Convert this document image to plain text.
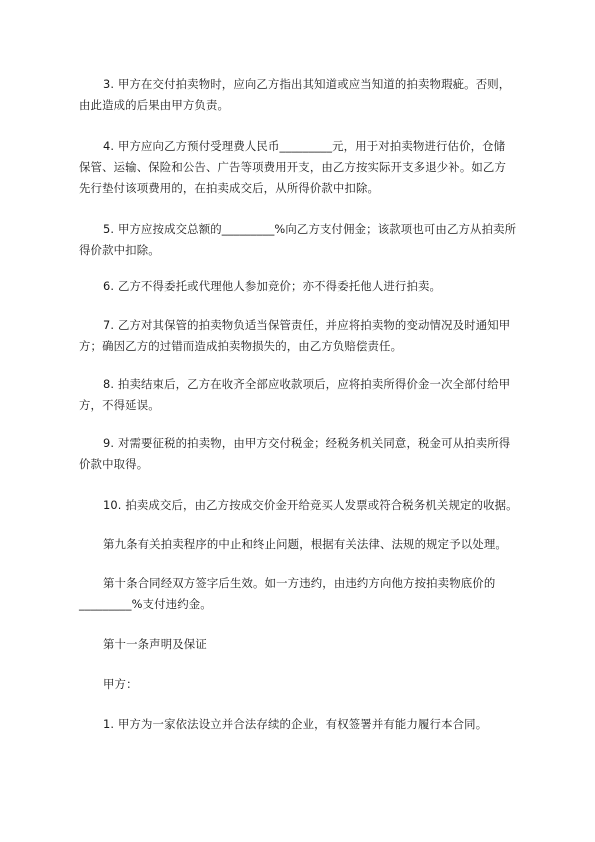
3. 甲方在交付拍卖物时，应向乙方指出其知道或应当知道的拍卖物瑕疵。否则，
由此造成的后果由甲方负责。

4. 甲方应向乙方预付受理费人民币_________元，用于对拍卖物进行估价，仓储
保管、运输、保险和公告、广告等项费用开支，由乙方按实际开支多退少补。如乙方
先行垫付该项费用的，在拍卖成交后，从所得价款中扣除。

5. 甲方应按成交总额的_________%向乙方支付佣金；该款项也可由乙方从拍卖所
得价款中扣除。

6. 乙方不得委托或代理他人参加竞价；亦不得委托他人进行拍卖。

7. 乙方对其保管的拍卖物负适当保管责任，并应将拍卖物的变动情况及时通知甲
方；确因乙方的过错而造成拍卖物损失的，由乙方负赔偿责任。

8. 拍卖结束后，乙方在收齐全部应收款项后，应将拍卖所得价金一次全部付给甲
方，不得延误。

9. 对需要征税的拍卖物，由甲方交付税金；经税务机关同意，税金可从拍卖所得
价款中取得。

10. 拍卖成交后，由乙方按成交价金开给竞买人发票或符合税务机关规定的收据。

第九条有关拍卖程序的中止和终止问题，根据有关法律、法规的规定予以处理。

第十条合同经双方签字后生效。如一方违约，由违约方向他方按拍卖物底价的
_________%支付违约金。

第十一条声明及保证

甲方：

1. 甲方为一家依法设立并合法存续的企业，有权签署并有能力履行本合同。
